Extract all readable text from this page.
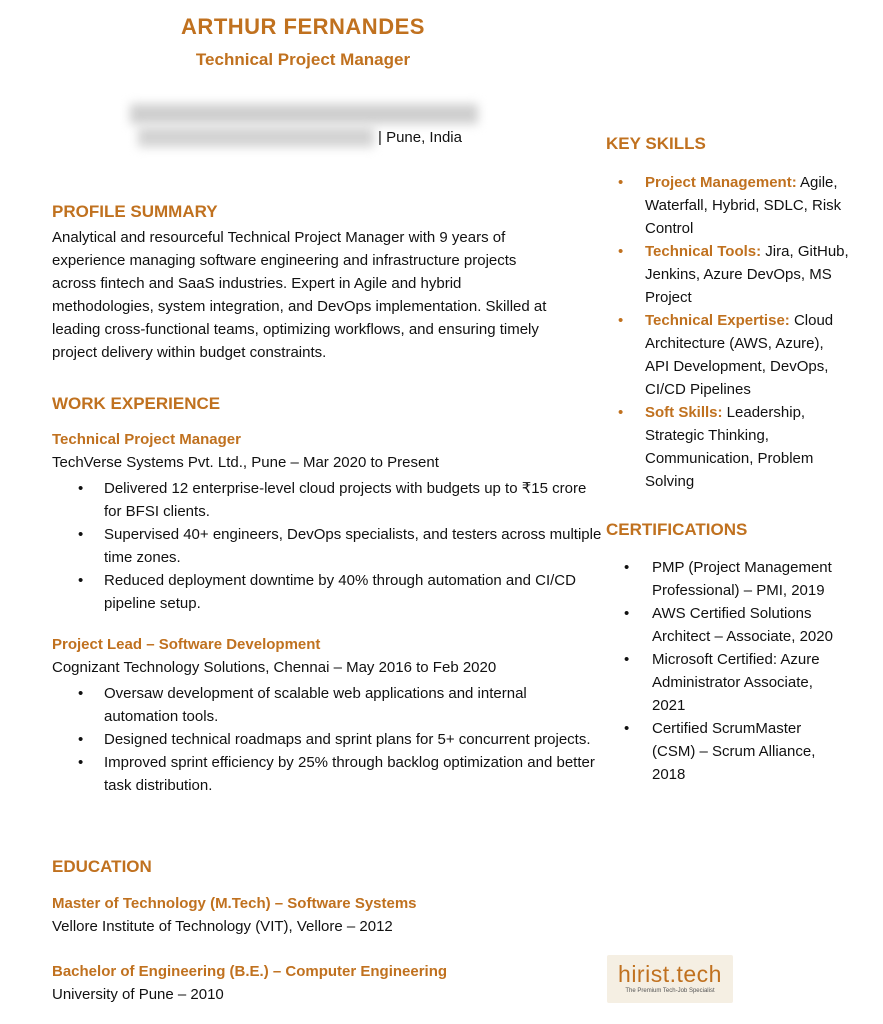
ARTHUR FERNANDES
Technical Project Manager
| Pune, India
PROFILE SUMMARY
Analytical and resourceful Technical Project Manager with 9 years of experience managing software engineering and infrastructure projects across fintech and SaaS industries. Expert in Agile and hybrid methodologies, system integration, and DevOps implementation. Skilled at leading cross-functional teams, optimizing workflows, and ensuring timely project delivery within budget constraints.
WORK EXPERIENCE
Technical Project Manager
TechVerse Systems Pvt. Ltd., Pune – Mar 2020 to Present
• Delivered 12 enterprise-level cloud projects with budgets up to ₹15 crore for BFSI clients.
• Supervised 40+ engineers, DevOps specialists, and testers across multiple time zones.
• Reduced deployment downtime by 40% through automation and CI/CD pipeline setup.
Project Lead – Software Development
Cognizant Technology Solutions, Chennai – May 2016 to Feb 2020
• Oversaw development of scalable web applications and internal automation tools.
• Designed technical roadmaps and sprint plans for 5+ concurrent projects.
• Improved sprint efficiency by 25% through backlog optimization and better task distribution.
EDUCATION
Master of Technology (M.Tech) – Software Systems
Vellore Institute of Technology (VIT), Vellore – 2012
Bachelor of Engineering (B.E.) – Computer Engineering
University of Pune – 2010
KEY SKILLS
• Project Management: Agile, Waterfall, Hybrid, SDLC, Risk Control
• Technical Tools: Jira, GitHub, Jenkins, Azure DevOps, MS Project
• Technical Expertise: Cloud Architecture (AWS, Azure), API Development, DevOps, CI/CD Pipelines
• Soft Skills: Leadership, Strategic Thinking, Communication, Problem Solving
CERTIFICATIONS
• PMP (Project Management Professional) – PMI, 2019
• AWS Certified Solutions Architect – Associate, 2020
• Microsoft Certified: Azure Administrator Associate, 2021
• Certified ScrumMaster (CSM) – Scrum Alliance, 2018
hirist.tech
The Premium Tech-Job Specialist
